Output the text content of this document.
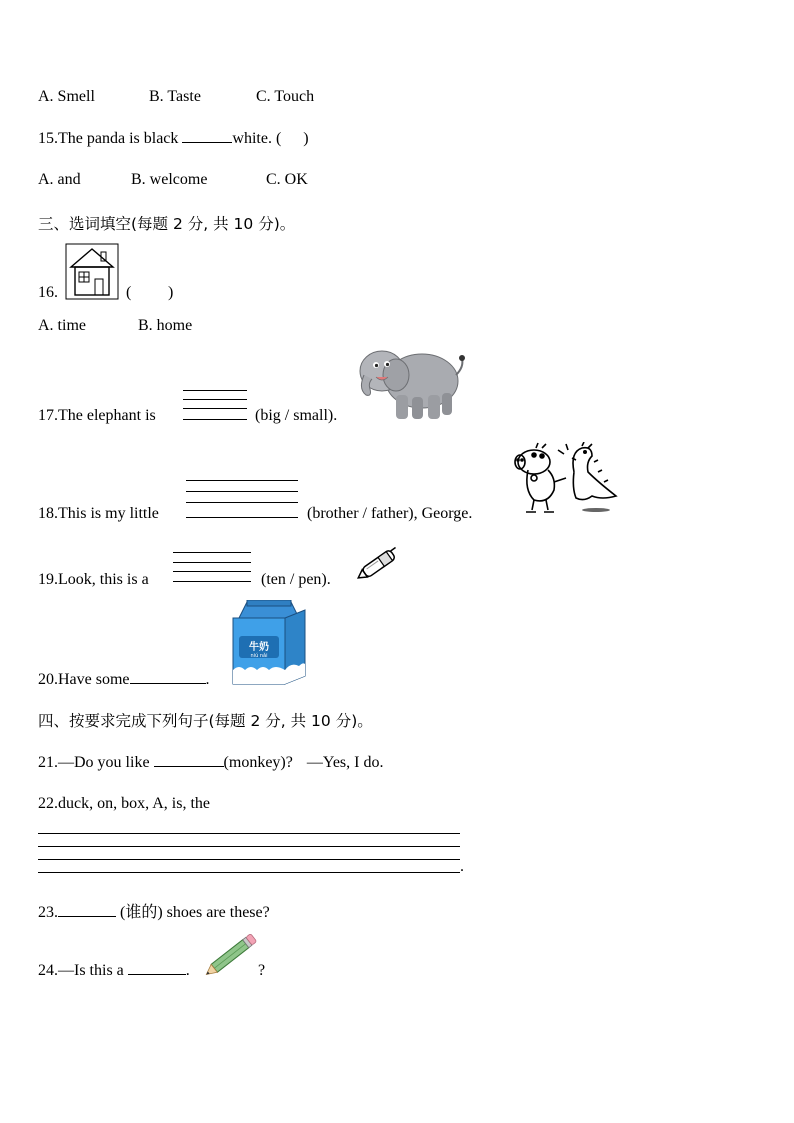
A. Smell	B. Taste	C. Touch
15.The panda is black	white. ( )
A. and	B. welcome	C. OK
三、选词填空(每题 2 分, 共 10 分)。
16.	( )
A. time	B. home
17.The elephant is	(big / small).
18.This is my little	(brother / father), George.
19.Look, this is a	(ten / pen).
20.Have some	.
牛奶
niú nǎi
四、按要求完成下列句子(每题 2 分, 共 10 分)。
21.—Do you like	(monkey)? —Yes, I do.
22.duck, on, box, A, is, the
.
23.	(谁的) shoes are these?
24.—Is this a	.	?
